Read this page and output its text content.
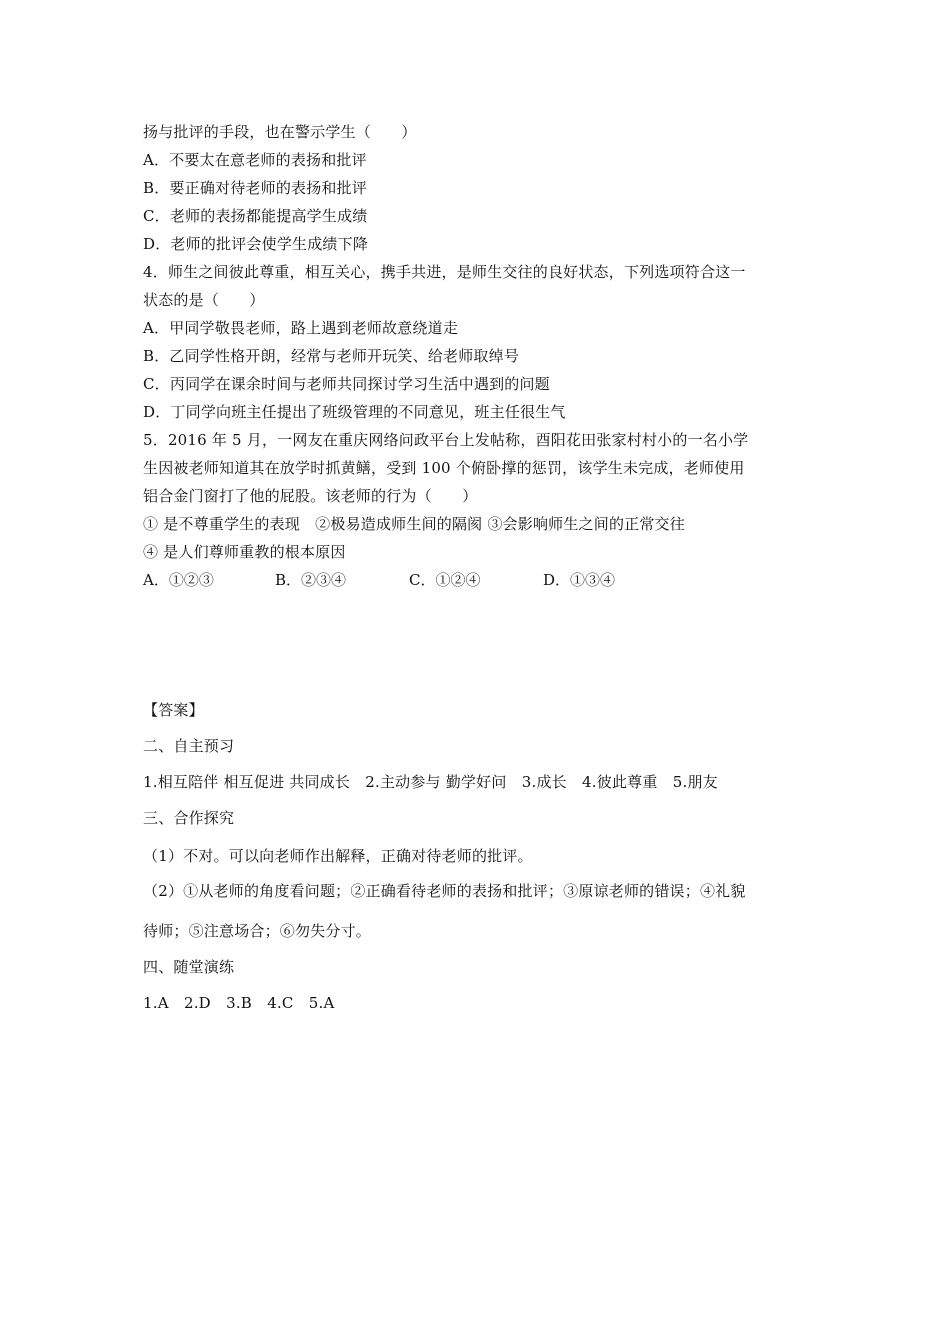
扬与批评的手段，也在警示学生（　　）
A．不要太在意老师的表扬和批评
B．要正确对待老师的表扬和批评
C．老师的表扬都能提高学生成绩
D．老师的批评会使学生成绩下降
4．师生之间彼此尊重，相互关心，携手共进，是师生交往的良好状态，下列选项符合这一
状态的是（　　）
A．甲同学敬畏老师，路上遇到老师故意绕道走
B．乙同学性格开朗，经常与老师开玩笑、给老师取绰号
C．丙同学在课余时间与老师共同探讨学习生活中遇到的问题
D．丁同学向班主任提出了班级管理的不同意见，班主任很生气
5．2016 年 5 月，一网友在重庆网络问政平台上发帖称，酉阳花田张家村村小的一名小学
生因被老师知道其在放学时抓黄鳝，受到 100 个俯卧撑的惩罚，该学生未完成，老师使用
铝合金门窗打了他的屁股。该老师的行为（　　）
① 是不尊重学生的表现　②极易造成师生间的隔阂 ③会影响师生之间的正常交往
④ 是人们尊师重教的根本原因
A．①②③	B．②③④	C．①②④	D．①③④
【答案】
二、自主预习
1.相互陪伴 相互促进 共同成长　2.主动参与 勤学好问　3.成长　4.彼此尊重　5.朋友
三、合作探究
（1）不对。可以向老师作出解释，正确对待老师的批评。
（2）①从老师的角度看问题；②正确看待老师的表扬和批评；③原谅老师的错误；④礼貌
待师；⑤注意场合；⑥勿失分寸。
四、随堂演练
1.A　2.D　3.B　4.C　5.A
